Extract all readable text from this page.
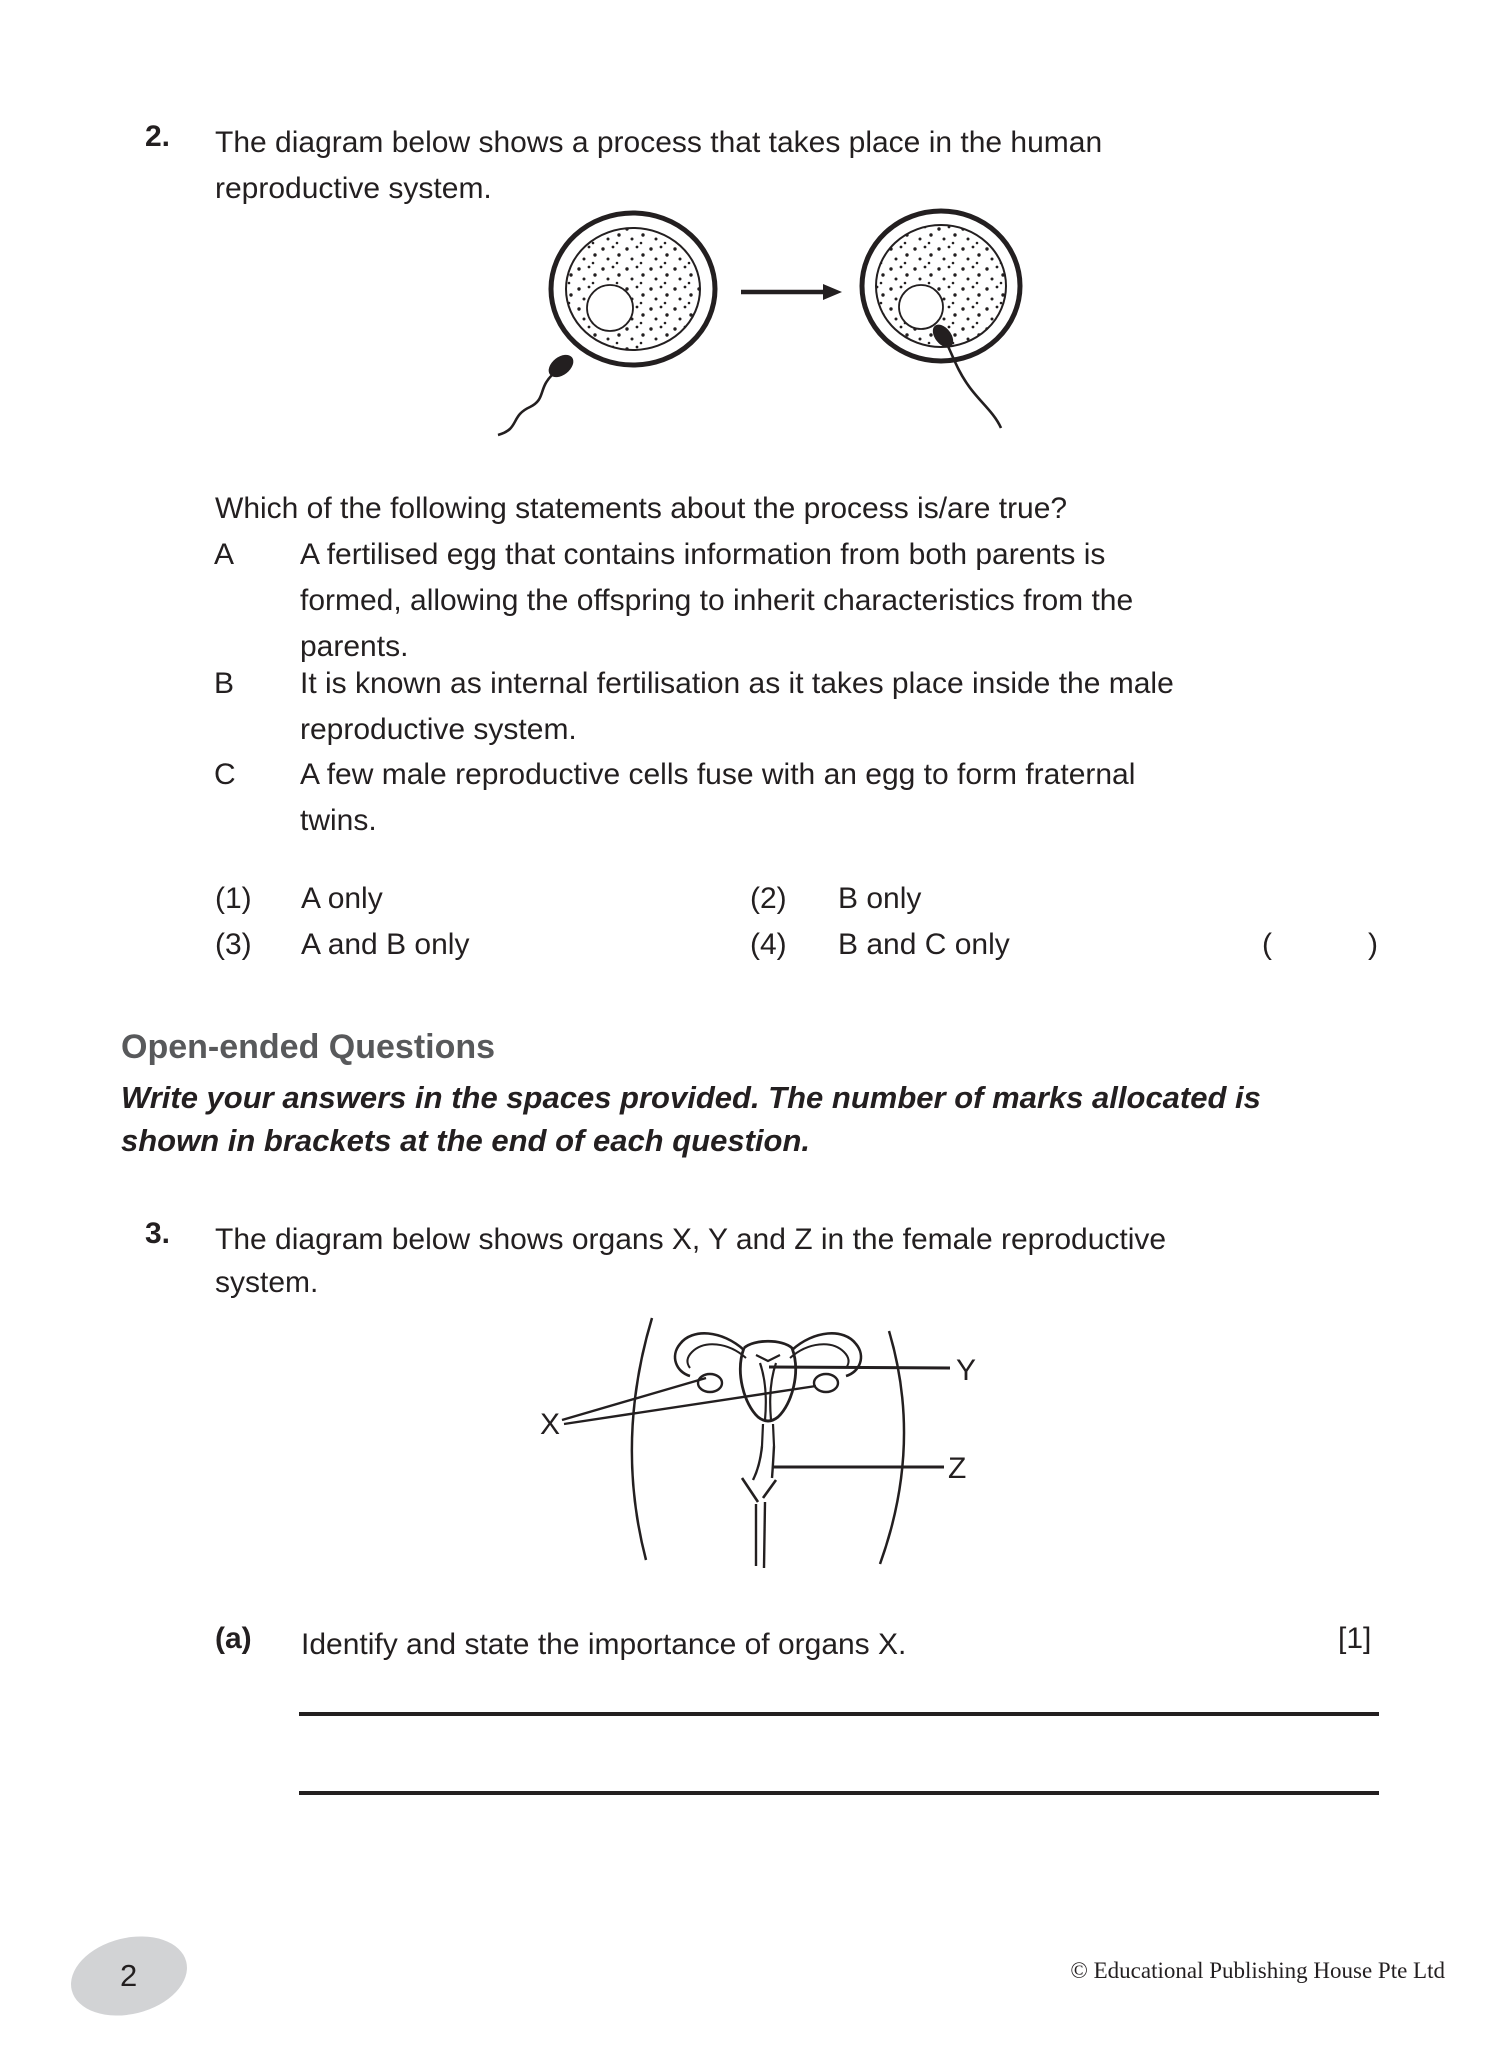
2. The diagram below shows a process that takes place in the human
reproductive system.
Which of the following statements about the process is/are true?
A A fertilised egg that contains information from both parents is
formed, allowing the offspring to inherit characteristics from the
parents.
B It is known as internal fertilisation as it takes place inside the male
reproductive system.
C A few male reproductive cells fuse with an egg to form fraternal
twins.
(1) A only	(2) B only
(3) A and B only	(4) B and C only	(	)
Open-ended Questions
Write your answers in the spaces provided. The number of marks allocated is
shown in brackets at the end of each question.
3. The diagram below shows organs X, Y and Z in the female reproductive
system.
X
Y
Z
(a) Identify and state the importance of organs X.	[1]
2	© Educational Publishing House Pte Ltd
